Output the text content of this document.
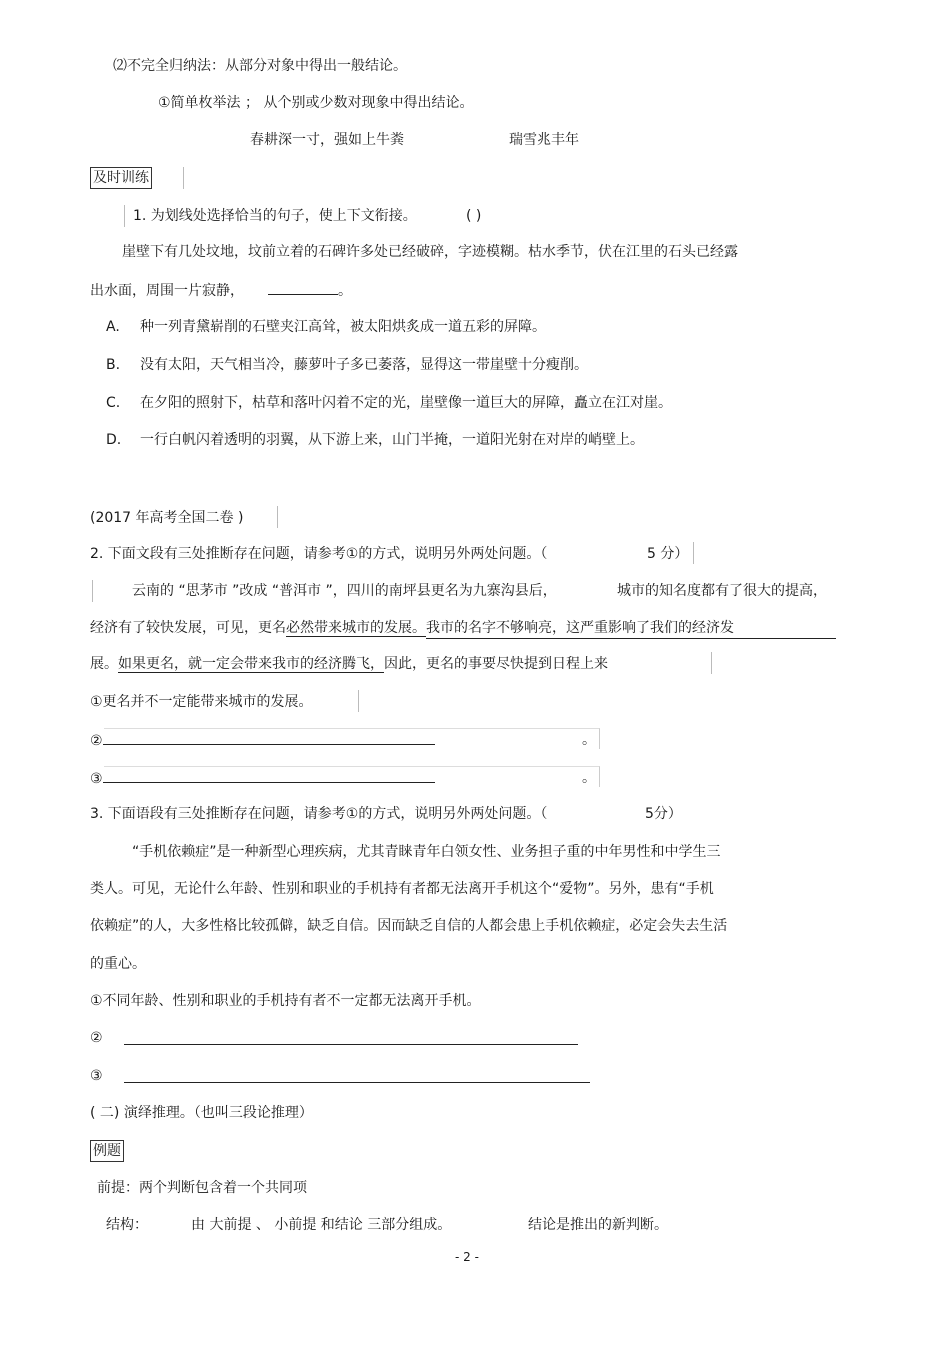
⑵不完全归纳法：从部分对象中得出一般结论。
①简单枚举法 ； 从个别或少数对现象中得出结论。
春耕深一寸，强如上牛粪	瑞雪兆丰年
及时训练
1. 为划线处选择恰当的句子，使上下文衔接。	( )
崖壁下有几处坟地，坟前立着的石碑许多处已经破碎，字迹模糊。枯水季节，伏在江里的石头已经露
出水面，周围一片寂静，	。
A. 种一列青黛崭削的石壁夹江高耸，被太阳烘炙成一道五彩的屏障。
B. 没有太阳，天气相当冷，藤萝叶子多已萎落，显得这一带崖壁十分瘦削。
C. 在夕阳的照射下，枯草和落叶闪着不定的光，崖壁像一道巨大的屏障，矗立在江对崖。
D. 一行白帆闪着透明的羽翼，从下游上来，山门半掩，一道阳光射在对岸的峭壁上。
(2017 年高考全国二卷 )
2. 下面文段有三处推断存在问题，请参考①的方式，说明另外两处问题。（	5 分）
云南的 “思茅市 ”改成 “普洱市 ”，四川的南坪县更名为九寨沟县后，	城市的知名度都有了很大的提高，
经济有了较快发展，可见，更名必然带来城市的发展。我市的名字不够响亮，这严重影响了我们的经济发
展。如果更名，就一定会带来我市的经济腾飞，因此，更名的事要尽快提到日程上来
①更名并不一定能带来城市的发展。
②	。
③	。
3. 下面语段有三处推断存在问题，请参考①的方式，说明另外两处问题。（	5分）
“手机依赖症”是一种新型心理疾病，尤其青睐青年白领女性、业务担子重的中年男性和中学生三
类人。可见，无论什么年龄、性别和职业的手机持有者都无法离开手机这个“爱物”。另外，患有“手机
依赖症”的人，大多性格比较孤僻，缺乏自信。因而缺乏自信的人都会患上手机依赖症，必定会失去生活
的重心。
①不同年龄、性别和职业的手机持有者不一定都无法离开手机。
②
③
( 二) 演绎推理。（也叫三段论推理）
例题
前提：两个判断包含着一个共同项
结构：	由 大前提 、 小前提 和结论 三部分组成。	结论是推出的新判断。
- 2 -
